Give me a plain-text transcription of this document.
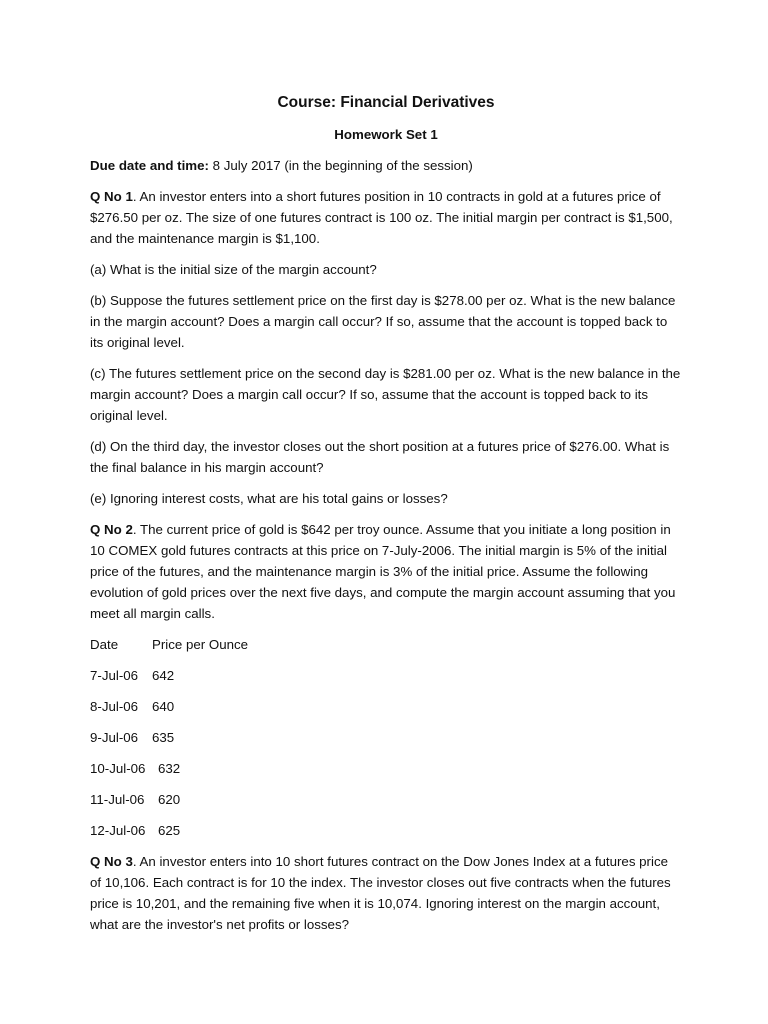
Course: Financial Derivatives
Homework Set 1

Due date and time: 8 July 2017 (in the beginning of the session)

Q No 1. An investor enters into a short futures position in 10 contracts in gold at a futures price of $276.50 per oz. The size of one futures contract is 100 oz. The initial margin per contract is $1,500, and the maintenance margin is $1,100.

(a) What is the initial size of the margin account?

(b) Suppose the futures settlement price on the first day is $278.00 per oz. What is the new balance in the margin account? Does a margin call occur? If so, assume that the account is topped back to its original level.

(c) The futures settlement price on the second day is $281.00 per oz. What is the new balance in the margin account? Does a margin call occur? If so, assume that the account is topped back to its original level.

(d) On the third day, the investor closes out the short position at a futures price of $276.00. What is the final balance in his margin account?

(e) Ignoring interest costs, what are his total gains or losses?

Q No 2. The current price of gold is $642 per troy ounce. Assume that you initiate a long position in 10 COMEX gold futures contracts at this price on 7-July-2006. The initial margin is 5% of the initial price of the futures, and the maintenance margin is 3% of the initial price. Assume the following evolution of gold prices over the next five days, and compute the margin account assuming that you meet all margin calls.

Date	Price per Ounce
7-Jul-06	642
8-Jul-06	640
9-Jul-06	635
10-Jul-06 632
11-Jul-06	620
12-Jul-06 625

Q No 3. An investor enters into 10 short futures contract on the Dow Jones Index at a futures price of 10,106. Each contract is for 10 the index. The investor closes out five contracts when the futures price is 10,201, and the remaining five when it is 10,074. Ignoring interest on the margin account, what are the investor's net profits or losses?
